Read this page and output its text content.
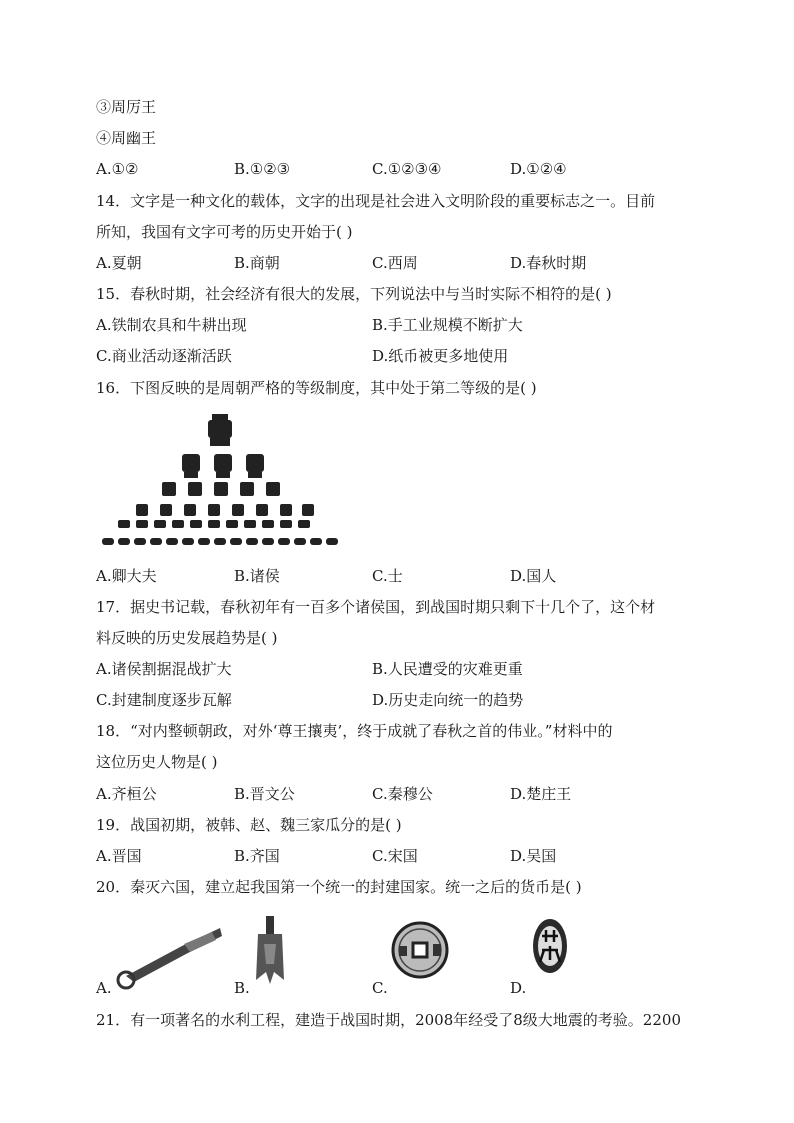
③周厉王
④周幽王
A.①②	B.①②③	C.①②③④	D.①②④
14．文字是一种文化的载体，文字的出现是社会进入文明阶段的重要标志之一。目前
所知，我国有文字可考的历史开始于( )
A.夏朝	B.商朝	C.西周	D.春秋时期
15．春秋时期，社会经济有很大的发展，下列说法中与当时实际不相符的是( )
A.铁制农具和牛耕出现	B.手工业规模不断扩大
C.商业活动逐渐活跃	D.纸币被更多地使用
16．下图反映的是周朝严格的等级制度，其中处于第二等级的是( )
A.卿大夫	B.诸侯	C.士	D.国人
17．据史书记载，春秋初年有一百多个诸侯国，到战国时期只剩下十几个了，这个材
料反映的历史发展趋势是( )
A.诸侯割据混战扩大	B.人民遭受的灾难更重
C.封建制度逐步瓦解	D.历史走向统一的趋势
18．“对内整顿朝政，对外‘尊王攘夷’，终于成就了春秋之首的伟业。”材料中的
这位历史人物是( )
A.齐桓公	B.晋文公	C.秦穆公	D.楚庄王
19．战国初期，被韩、赵、魏三家瓜分的是( )
A.晋国	B.齐国	C.宋国	D.吴国
20．秦灭六国，建立起我国第一个统一的封建国家。统一之后的货币是( )
A.	B.	C.	D.
21．有一项著名的水利工程，建造于战国时期，2008年经受了8级大地震的考验。2200
